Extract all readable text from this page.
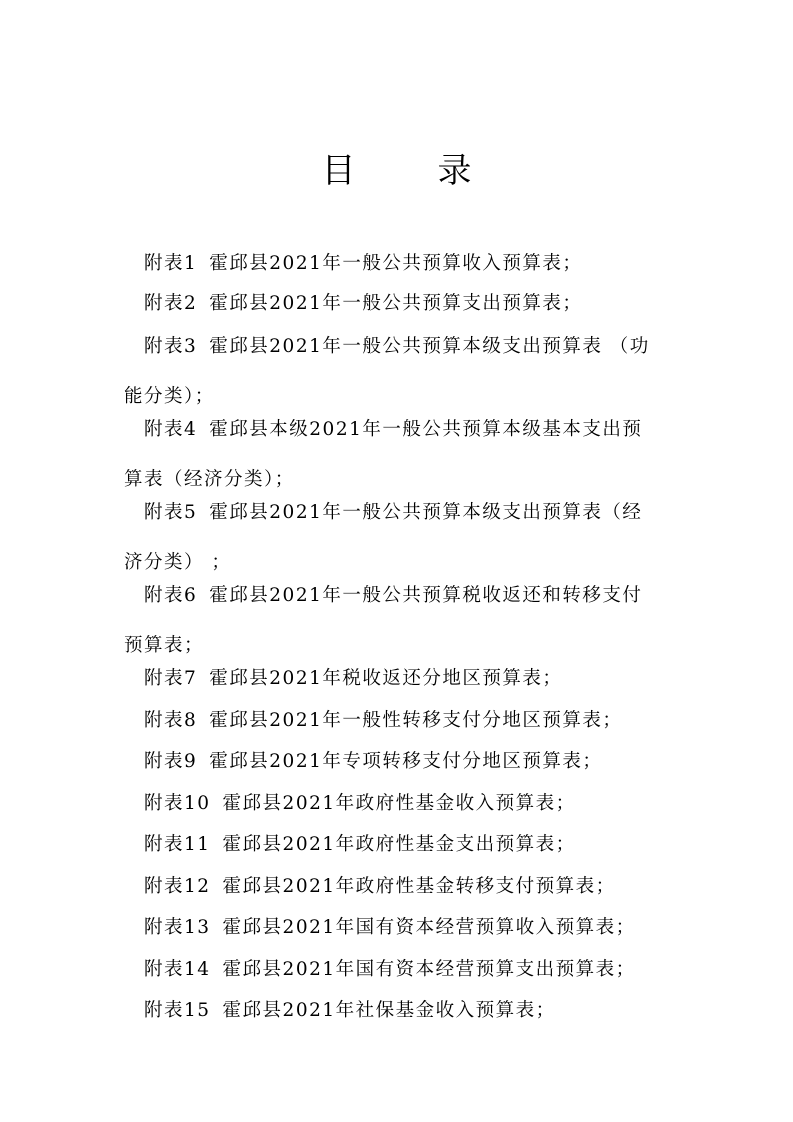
目 录
附表1 霍邱县2021年一般公共预算收入预算表；
附表2 霍邱县2021年一般公共预算支出预算表；
附表3 霍邱县2021年一般公共预算本级支出预算表 （功
能分类）；
附表4 霍邱县本级2021年一般公共预算本级基本支出预
算表（经济分类）；
附表5 霍邱县2021年一般公共预算本级支出预算表（经
济分类） ；
附表6 霍邱县2021年一般公共预算税收返还和转移支付
预算表；
附表7 霍邱县2021年税收返还分地区预算表；
附表8 霍邱县2021年一般性转移支付分地区预算表；
附表9 霍邱县2021年专项转移支付分地区预算表；
附表10 霍邱县2021年政府性基金收入预算表；
附表11 霍邱县2021年政府性基金支出预算表；
附表12 霍邱县2021年政府性基金转移支付预算表；
附表13 霍邱县2021年国有资本经营预算收入预算表；
附表14 霍邱县2021年国有资本经营预算支出预算表；
附表15 霍邱县2021年社保基金收入预算表；
